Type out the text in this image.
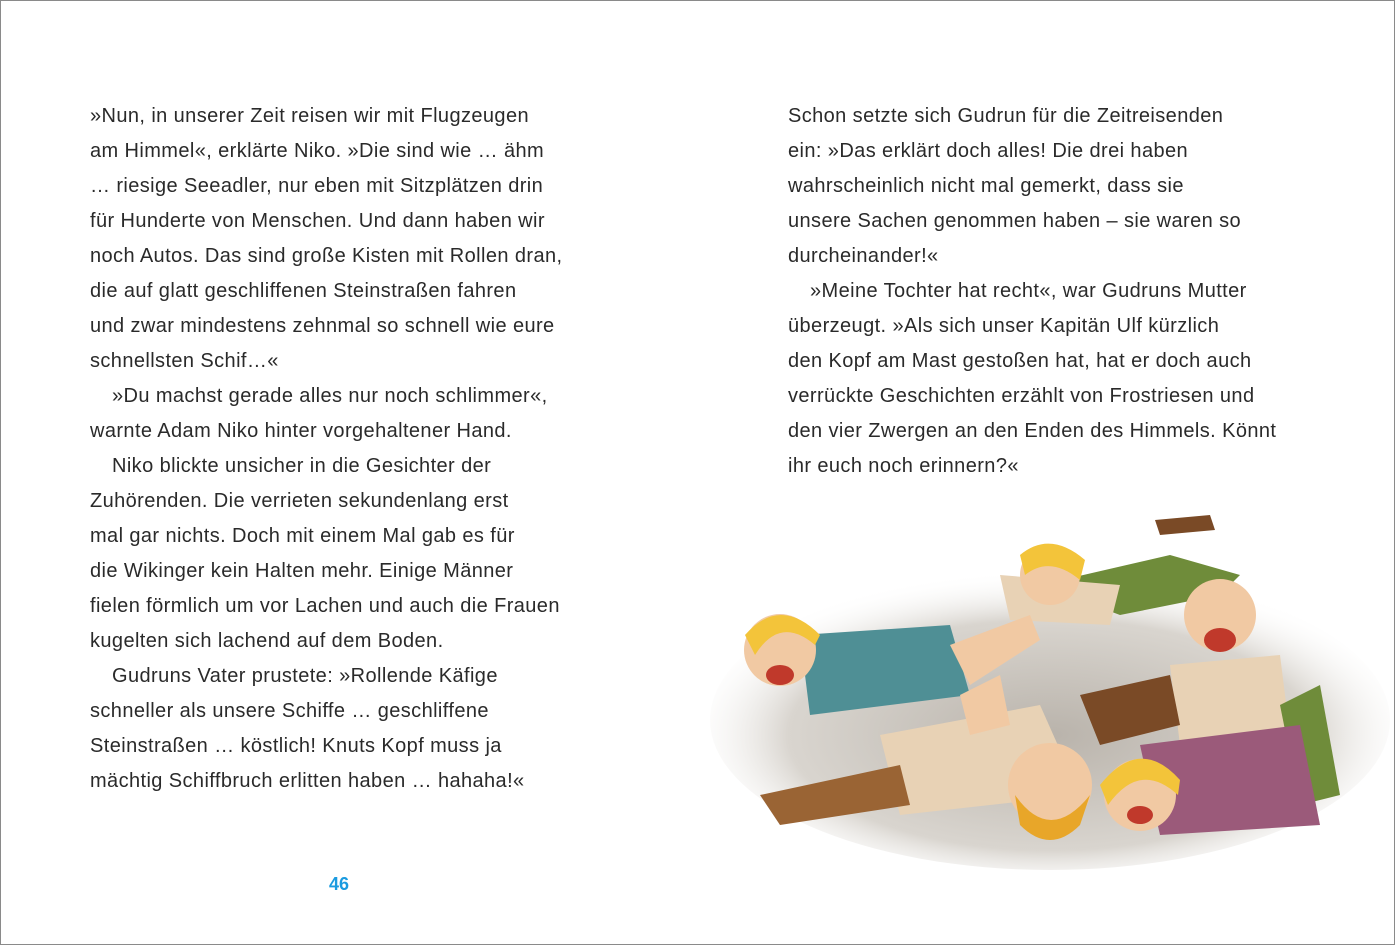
»Nun, in unserer Zeit reisen wir mit Flugzeugen
am Himmel«, erklärte Niko. »Die sind wie … ähm
… riesige Seeadler, nur eben mit Sitzplätzen drin
für Hunderte von Menschen. Und dann haben wir
noch Autos. Das sind große Kisten mit Rollen dran,
die auf glatt geschliffenen Steinstraßen fahren
und zwar mindestens zehnmal so schnell wie eure
schnellsten Schif…«
»Du machst gerade alles nur noch schlimmer«,
warnte Adam Niko hinter vorgehaltener Hand.
Niko blickte unsicher in die Gesichter der
Zuhörenden. Die verrieten sekundenlang erst
mal gar nichts. Doch mit einem Mal gab es für
die Wikinger kein Halten mehr. Einige Männer
fielen förmlich um vor Lachen und auch die Frauen
kugelten sich lachend auf dem Boden.
Gudruns Vater prustete: »Rollende Käfige
schneller als unsere Schiffe … geschliffene
Steinstraßen … köstlich! Knuts Kopf muss ja
mächtig Schiffbruch erlitten haben … hahaha!«
Schon setzte sich Gudrun für die Zeitreisenden
ein: »Das erklärt doch alles! Die drei haben
wahrscheinlich nicht mal gemerkt, dass sie
unsere Sachen genommen haben – sie waren so
durcheinander!«
»Meine Tochter hat recht«, war Gudruns Mutter
überzeugt. »Als sich unser Kapitän Ulf kürzlich
den Kopf am Mast gestoßen hat, hat er doch auch
verrückte Geschichten erzählt von Frostriesen und
den vier Zwergen an den Enden des Himmels. Könnt
ihr euch noch erinnern?«
46
